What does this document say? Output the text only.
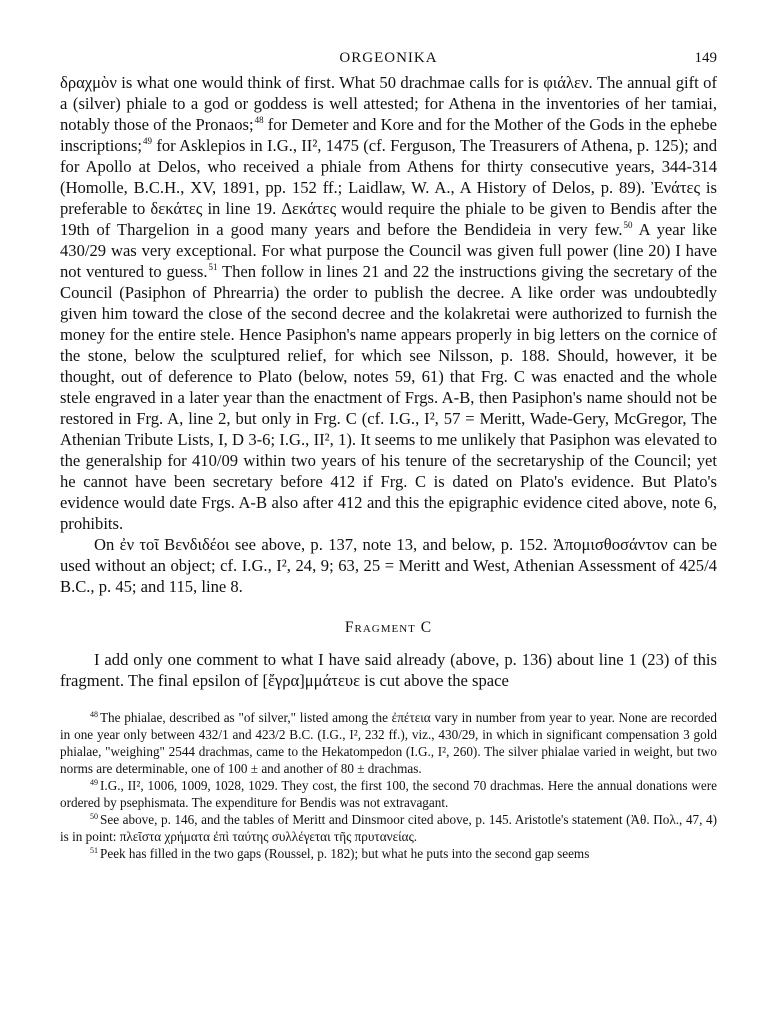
ORGEONIKA	149

δραχμὸν is what one would think of first. What 50 drachmae calls for is φιάλεν. The annual gift of a (silver) phiale to a god or goddess is well attested; for Athena in the inventories of her tamiai, notably those of the Pronaos;$^{48}$ for Demeter and Kore and for the Mother of the Gods in the ephebe inscriptions;$^{49}$ for Asklepios in I.G., II², 1475 (cf. Ferguson, The Treasurers of Athena, p. 125); and for Apollo at Delos, who received a phiale from Athens for thirty consecutive years, 344-314 (Homolle, B.C.H., XV, 1891, pp. 152 ff.; Laidlaw, W. A., A History of Delos, p. 89). Ἐνάτες is preferable to δεκάτες in line 19. Δεκάτες would require the phiale to be given to Bendis after the 19th of Thargelion in a good many years and before the Bendideia in very few.$^{50}$ A year like 430/29 was very exceptional. For what purpose the Council was given full power (line 20) I have not ventured to guess.$^{51}$ Then follow in lines 21 and 22 the instructions giving the secretary of the Council (Pasiphon of Phrearria) the order to publish the decree. A like order was undoubtedly given him toward the close of the second decree and the kolakretai were authorized to furnish the money for the entire stele. Hence Pasiphon's name appears properly in big letters on the cornice of the stone, below the sculptured relief, for which see Nilsson, p. 188. Should, however, it be thought, out of deference to Plato (below, notes 59, 61) that Frg. C was enacted and the whole stele engraved in a later year than the enactment of Frgs. A-B, then Pasiphon's name should not be restored in Frg. A, line 2, but only in Frg. C (cf. I.G., I², 57 = Meritt, Wade-Gery, McGregor, The Athenian Tribute Lists, I, D 3-6; I.G., II², 1). It seems to me unlikely that Pasiphon was elevated to the generalship for 410/09 within two years of his tenure of the secretaryship of the Council; yet he cannot have been secretary before 412 if Frg. C is dated on Plato's evidence. But Plato's evidence would date Frgs. A-B also after 412 and this the epigraphic evidence cited above, note 6, prohibits.

On ἐν τοῖ Βενδιδέοι see above, p. 137, note 13, and below, p. 152. Ἀπομισθοσάντον can be used without an object; cf. I.G., I², 24, 9; 63, 25 = Meritt and West, Athenian Assessment of 425/4 B.C., p. 45; and 115, line 8.

Fragment C

I add only one comment to what I have said already (above, p. 136) about line 1 (23) of this fragment. The final epsilon of [ἔγρα]μμάτευε is cut above the space

$^{48}$ The phialae, described as "of silver," listed among the ἐπέτεια vary in number from year to year. None are recorded in one year only between 432/1 and 423/2 B.C. (I.G., I², 232 ff.), viz., 430/29, in which in significant compensation 3 gold phialae, "weighing" 2544 drachmas, came to the Hekatompedon (I.G., I², 260). The silver phialae varied in weight, but two norms are determinable, one of 100 ± and another of 80 ± drachmas.

$^{49}$ I.G., II², 1006, 1009, 1028, 1029. They cost, the first 100, the second 70 drachmas. Here the annual donations were ordered by psephismata. The expenditure for Bendis was not extravagant.

$^{50}$ See above, p. 146, and the tables of Meritt and Dinsmoor cited above, p. 145. Aristotle's statement (Ἀθ. Πολ., 47, 4) is in point: πλεῖστα χρήματα ἐπὶ ταύτης συλλέγεται τῆς πρυτανείας.

$^{51}$ Peek has filled in the two gaps (Roussel, p. 182); but what he puts into the second gap seems
